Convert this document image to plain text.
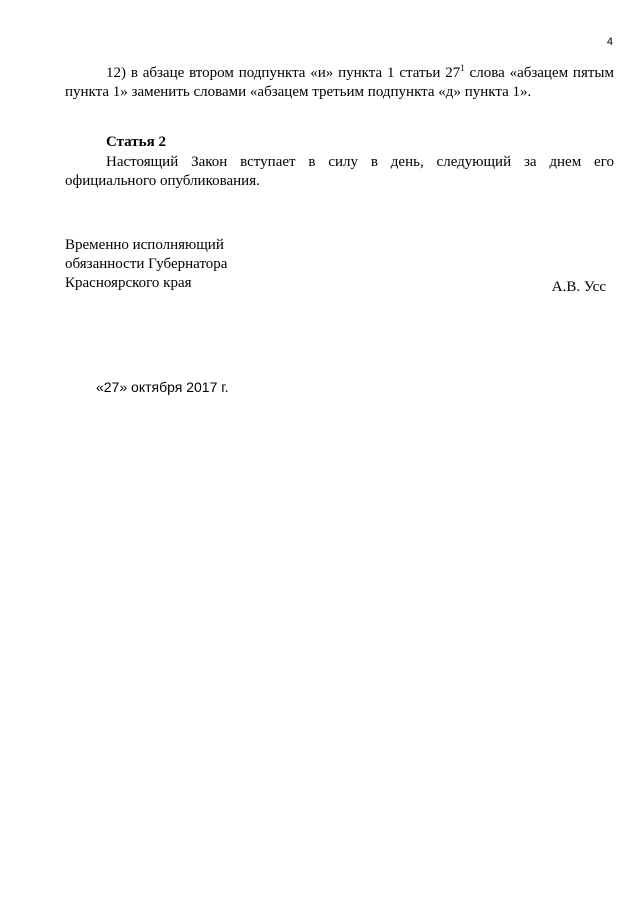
4

12) в абзаце втором подпункта «и» пункта 1 статьи $27^1$ слова «абзацем пятым пункта 1» заменить словами «абзацем третьим подпункта «д» пункта 1».

Статья 2

Настоящий Закон вступает в силу в день, следующий за днем его официального опубликования.

Временно исполняющий
обязанности Губернатора
Красноярского края	А.В. Усс
«27» октября 2017 г.
